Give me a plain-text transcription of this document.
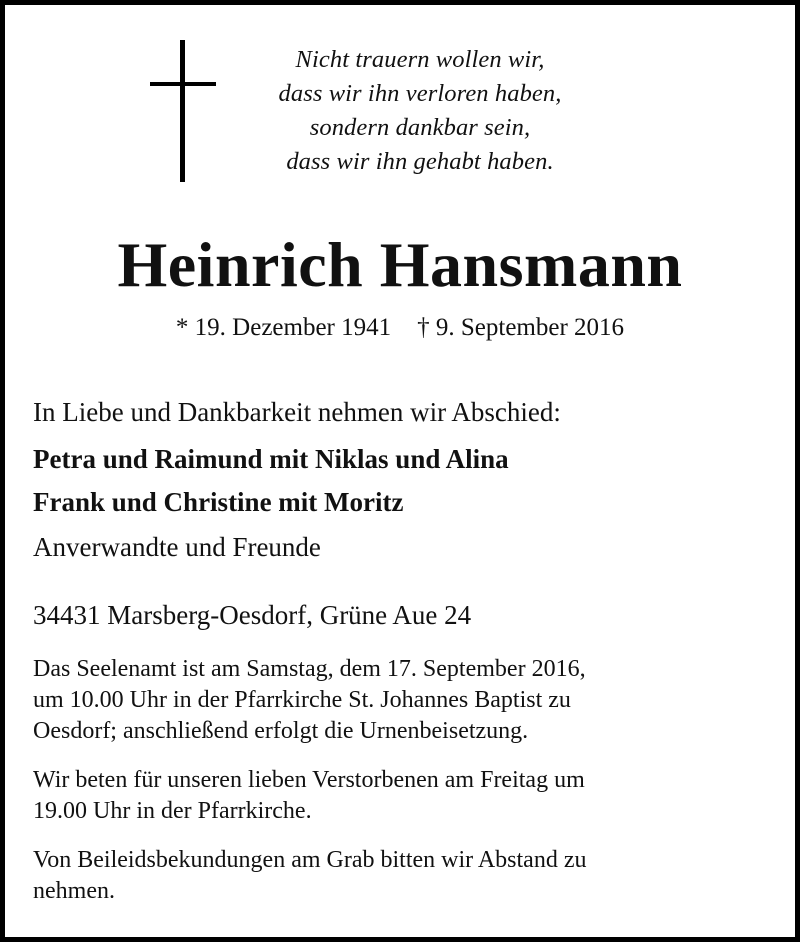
Nicht trauern wollen wir,
dass wir ihn verloren haben,
sondern dankbar sein,
dass wir ihn gehabt haben.
Heinrich Hansmann
* 19. Dezember 1941 † 9. September 2016
In Liebe und Dankbarkeit nehmen wir Abschied:
Petra und Raimund mit Niklas und Alina
Frank und Christine mit Moritz
Anverwandte und Freunde
34431 Marsberg-Oesdorf, Grüne Aue 24
Das Seelenamt ist am Samstag, dem 17. September 2016,
um 10.00 Uhr in der Pfarrkirche St. Johannes Baptist zu
Oesdorf; anschließend erfolgt die Urnenbeisetzung.
Wir beten für unseren lieben Verstorbenen am Freitag um
19.00 Uhr in der Pfarrkirche.
Von Beileidsbekundungen am Grab bitten wir Abstand zu
nehmen.
